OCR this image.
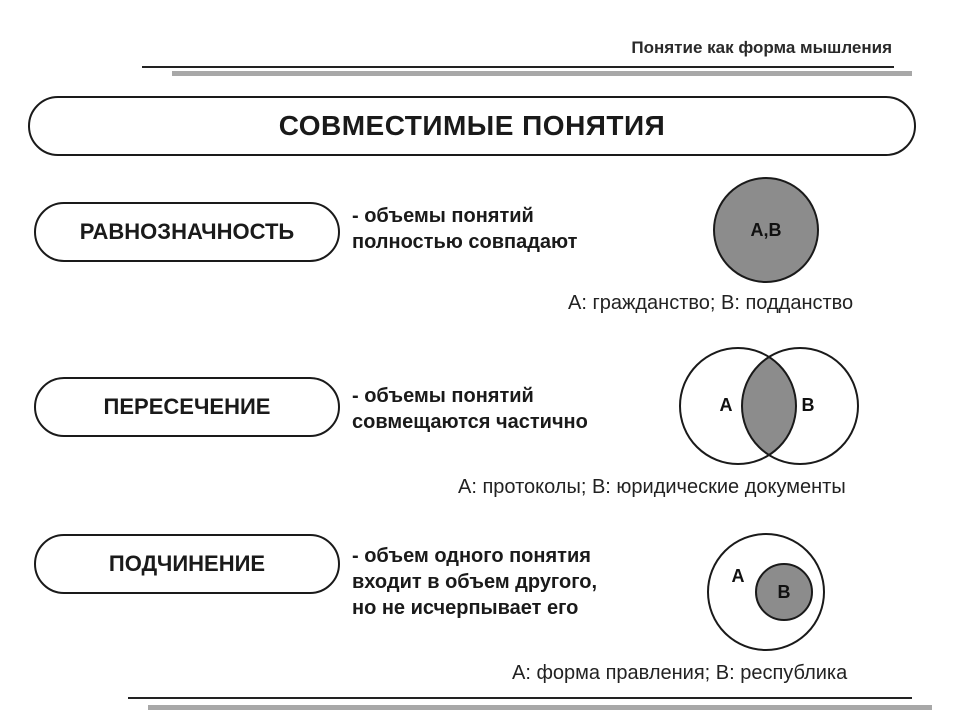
Понятие как форма мышления
СОВМЕСТИМЫЕ ПОНЯТИЯ
РАВНОЗНАЧНОСТЬ
- объемы понятий
полностью совпадают
A,B
A: гражданство; B: подданство
ПЕРЕСЕЧЕНИЕ	- объемы понятий
совмещаются частично
A	B
A: протоколы; B: юридические документы
ПОДЧИНЕНИЕ	- объем одного понятия
входит в объем другого,
но не исчерпывает его
A
B
A: форма правления; B: республика
